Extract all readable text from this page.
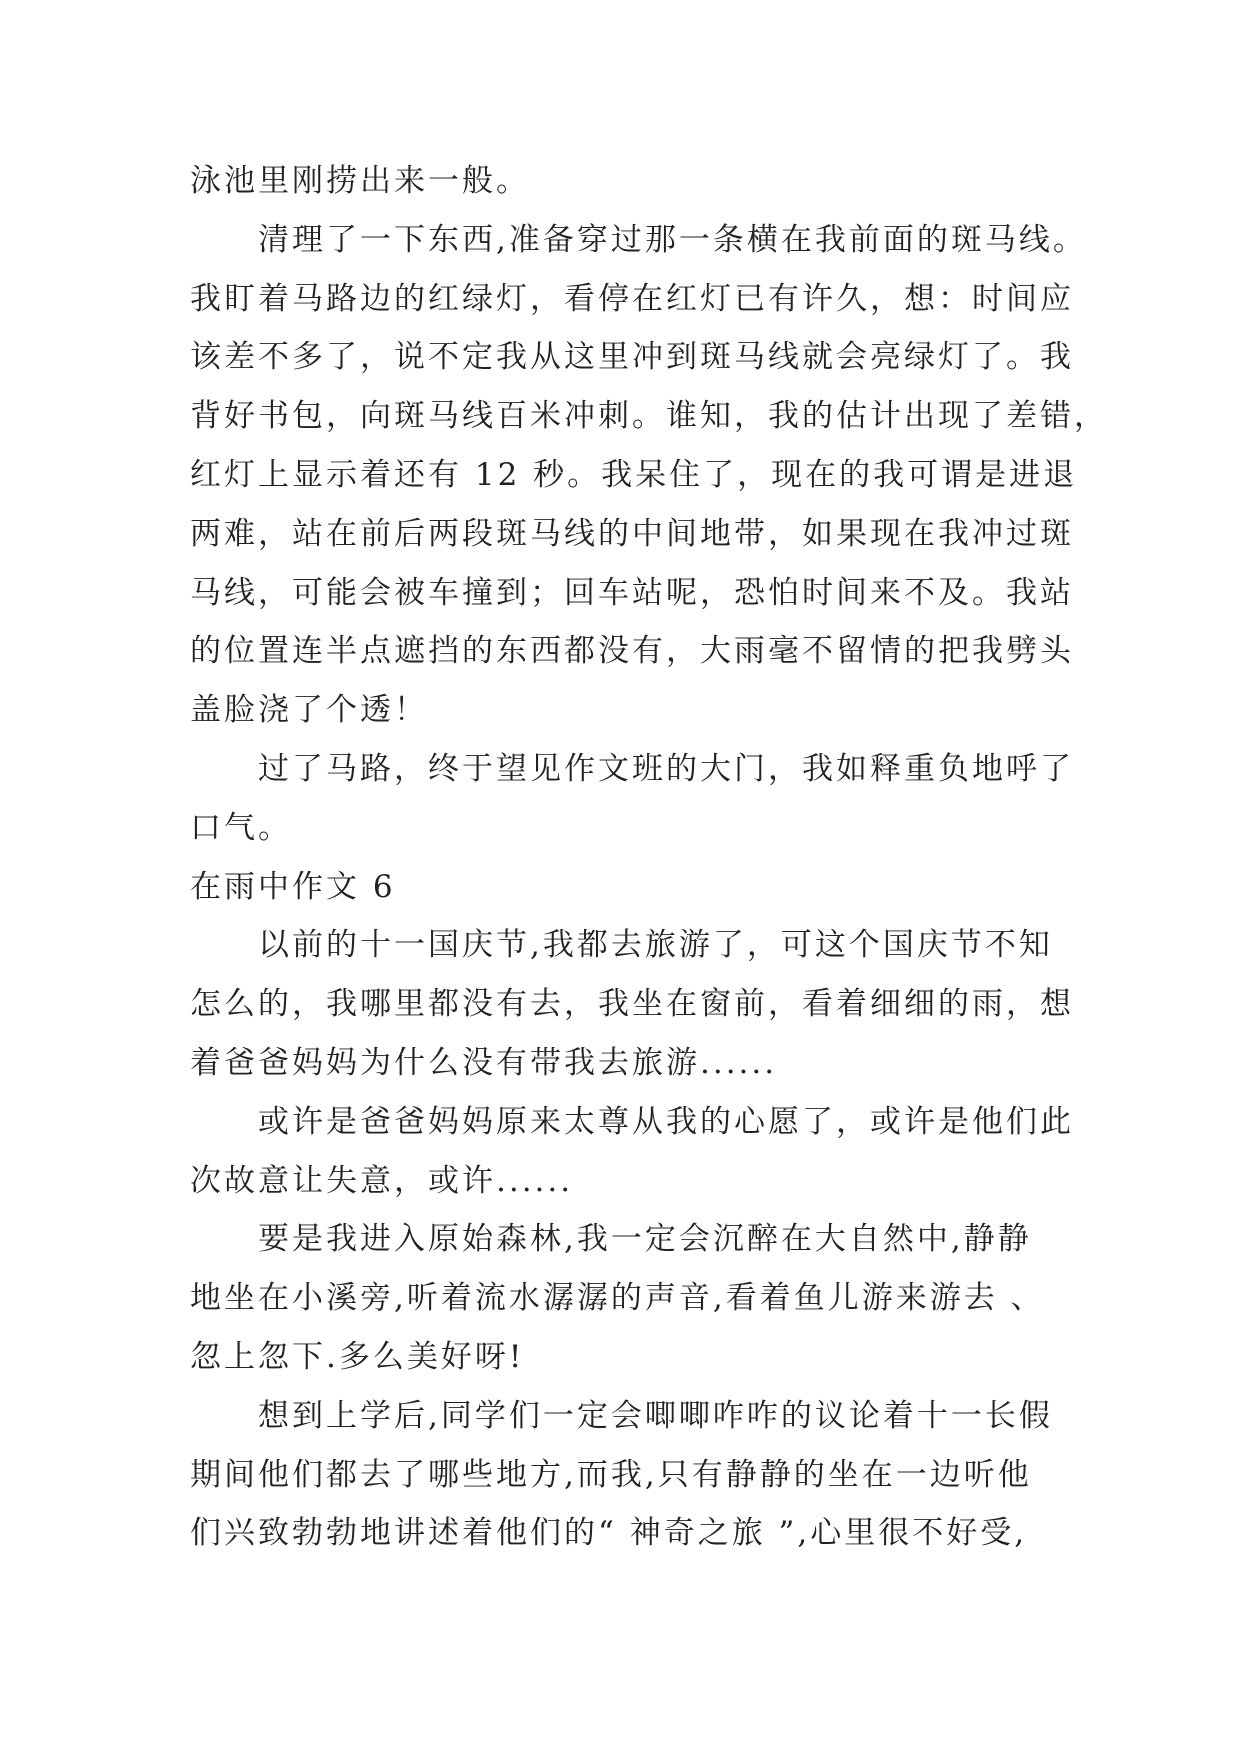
泳池里刚捞出来一般。
清理了一下东西,准备穿过那一条横在我前面的斑马线。
我盯着马路边的红绿灯，看停在红灯已有许久，想：时间应
该差不多了，说不定我从这里冲到斑马线就会亮绿灯了。我
背好书包，向斑马线百米冲刺。谁知，我的估计出现了差错，
红灯上显示着还有 12 秒。我呆住了，现在的我可谓是进退
两难，站在前后两段斑马线的中间地带，如果现在我冲过斑
马线，可能会被车撞到；回车站呢，恐怕时间来不及。我站
的位置连半点遮挡的东西都没有，大雨毫不留情的把我劈头
盖脸浇了个透！
过了马路，终于望见作文班的大门，我如释重负地呼了
口气。
在雨中作文 6
以前的十一国庆节,我都去旅游了，可这个国庆节不知
怎么的，我哪里都没有去，我坐在窗前，看着细细的雨，想
着爸爸妈妈为什么没有带我去旅游......
或许是爸爸妈妈原来太尊从我的心愿了，或许是他们此
次故意让失意，或许......
要是我进入原始森林,我一定会沉醉在大自然中,静静
地坐在小溪旁,听着流水潺潺的声音,看着鱼儿游来游去 、
忽上忽下.多么美好呀!
想到上学后,同学们一定会唧唧咋咋的议论着十一长假
期间他们都去了哪些地方,而我,只有静静的坐在一边听他
们兴致勃勃地讲述着他们的“ 神奇之旅 ”,心里很不好受,
